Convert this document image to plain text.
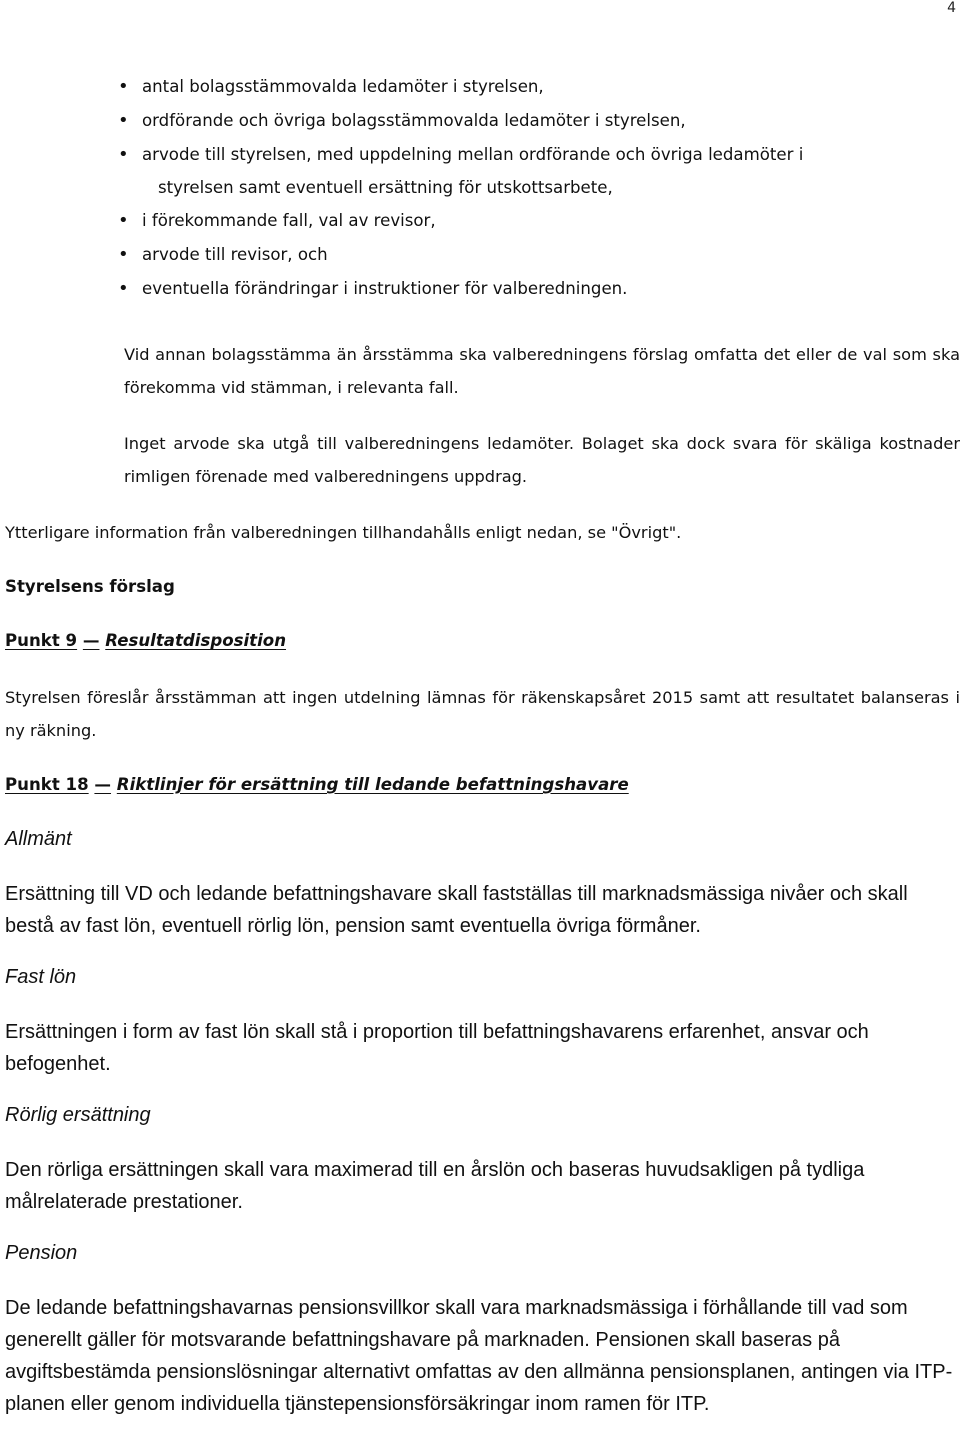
4
• antal bolagsstämmovalda ledamöter i styrelsen,
• ordförande och övriga bolagsstämmovalda ledamöter i styrelsen,
• arvode till styrelsen, med uppdelning mellan ordförande och övriga ledamöter i
styrelsen samt eventuell ersättning för utskottsarbete,
• i förekommande fall, val av revisor,
• arvode till revisor, och
• eventuella förändringar i instruktioner för valberedningen.
Vid annan bolagsstämma än årsstämma ska valberedningens förslag omfatta det eller de val som ska förekomma vid stämman, i relevanta fall.
Inget arvode ska utgå till valberedningens ledamöter. Bolaget ska dock svara för skäliga kostnader rimligen förenade med valberedningens uppdrag.
Ytterligare information från valberedningen tillhandahålls enligt nedan, se "Övrigt".
Styrelsens förslag
Punkt 9 — Resultatdisposition
Styrelsen föreslår årsstämman att ingen utdelning lämnas för räkenskapsåret 2015 samt att resultatet balanseras i ny räkning.
Punkt 18 — Riktlinjer för ersättning till ledande befattningshavare
Allmänt
Ersättning till VD och ledande befattningshavare skall fastställas till marknadsmässiga nivåer och skall bestå av fast lön, eventuell rörlig lön, pension samt eventuella övriga förmåner.
Fast lön
Ersättningen i form av fast lön skall stå i proportion till befattningshavarens erfarenhet, ansvar och befogenhet.
Rörlig ersättning
Den rörliga ersättningen skall vara maximerad till en årslön och baseras huvudsakligen på tydliga målrelaterade prestationer.
Pension
De ledande befattningshavarnas pensionsvillkor skall vara marknadsmässiga i förhållande till vad som generellt gäller för motsvarande befattningshavare på marknaden. Pensionen skall baseras på avgiftsbestämda pensionslösningar alternativt omfattas av den allmänna pensionsplanen, antingen via ITP-planen eller genom individuella tjänstepensionsförsäkringar inom ramen för ITP.
